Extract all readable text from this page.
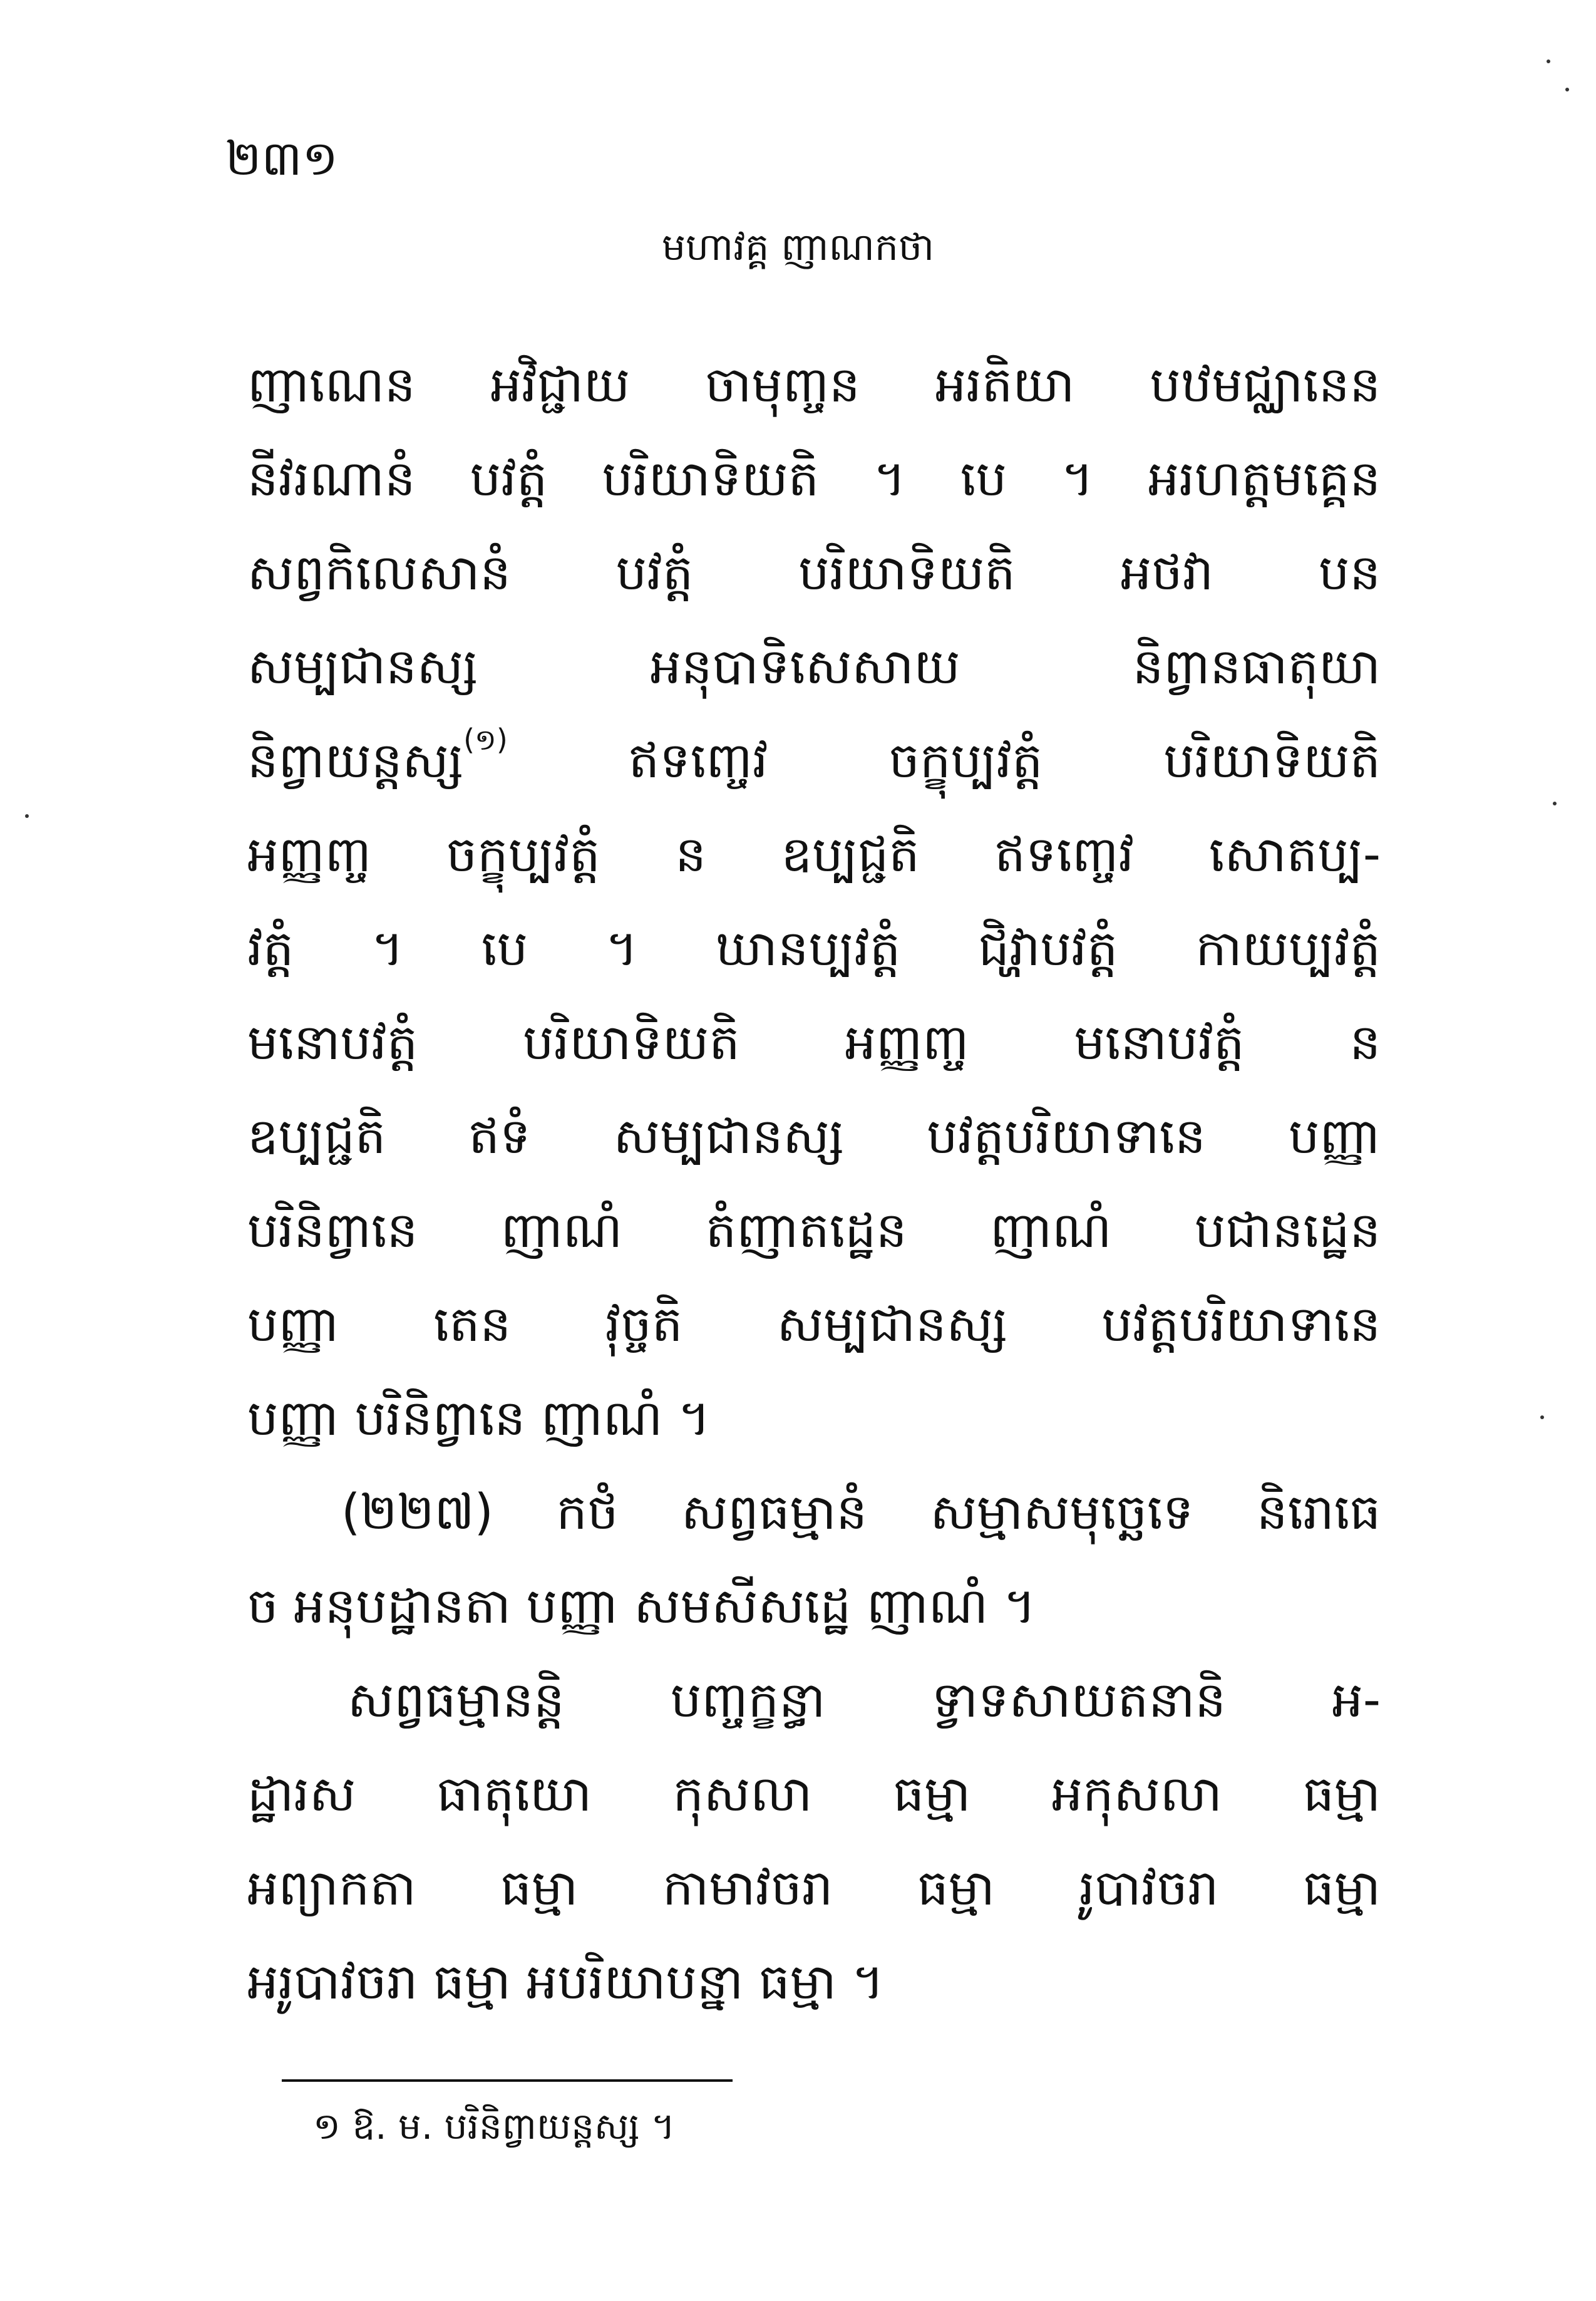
២៣១
មហាវគ្គ ញាណកថា
ញាណេន អវិជ្ជាយ ចាមុញ្ចន អរតិយា បឋមជ្ឈានេន
នីវរណានំ បវត្តំ បរិយាទិយតិ ។ បេ ។ អរហត្តមគ្គេន
សព្វកិលេសានំ បវត្តំ បរិយាទិយតិ អថវា បន
សម្បជានស្ស អនុបាទិសេសាយ និព្វានធាតុយា
និព្វាយន្តស្ស$^{(១)}$ ឥទញ្ចេវ ចក្ខុប្បវត្តំ បរិយាទិយតិ
អញ្ញញ្ច ចក្ខុប្បវត្តំ ន ឧប្បជ្ជតិ ឥទញ្ចេវ សោតប្ប-
វត្តំ ។ បេ ។ ឃានប្បវត្តំ ជិវ្ហាបវត្តំ កាយប្បវត្តំ
មនោបវត្តំ បរិយាទិយតិ អញ្ញញ្ច មនោបវត្តំ ន
ឧប្បជ្ជតិ ឥទំ សម្បជានស្ស បវត្តបរិយាទានេ បញ្ញា
បរិនិព្វានេ ញាណំ តំញាតដ្ឋេន ញាណំ បជានដ្ឋេន
បញ្ញា តេន វុច្ចតិ សម្បជានស្ស បវត្តបរិយាទានេ
បញ្ញា បរិនិព្វានេ ញាណំ ។
(២២៧) កថំ សព្វធម្មានំ សម្មាសមុច្ឆេទេ និរោធេ
ច អនុបដ្ឋានតា បញ្ញា សមសីសដ្ឋេ ញាណំ ។
សព្វធម្មានន្តិ បញ្ចក្ខន្ធា ទ្វាទសាយតនានិ អ-
ដ្ឋារស ធាតុយោ កុសលា ធម្មា អកុសលា ធម្មា
អព្យាកតា ធម្មា កាមាវចរា ធម្មា រូបាវចរា ធម្មា
អរូបាវចរា ធម្មា អបរិយាបន្នា ធម្មា ។
១ ឱ. ម. បរិនិព្វាយន្តស្ស ។
